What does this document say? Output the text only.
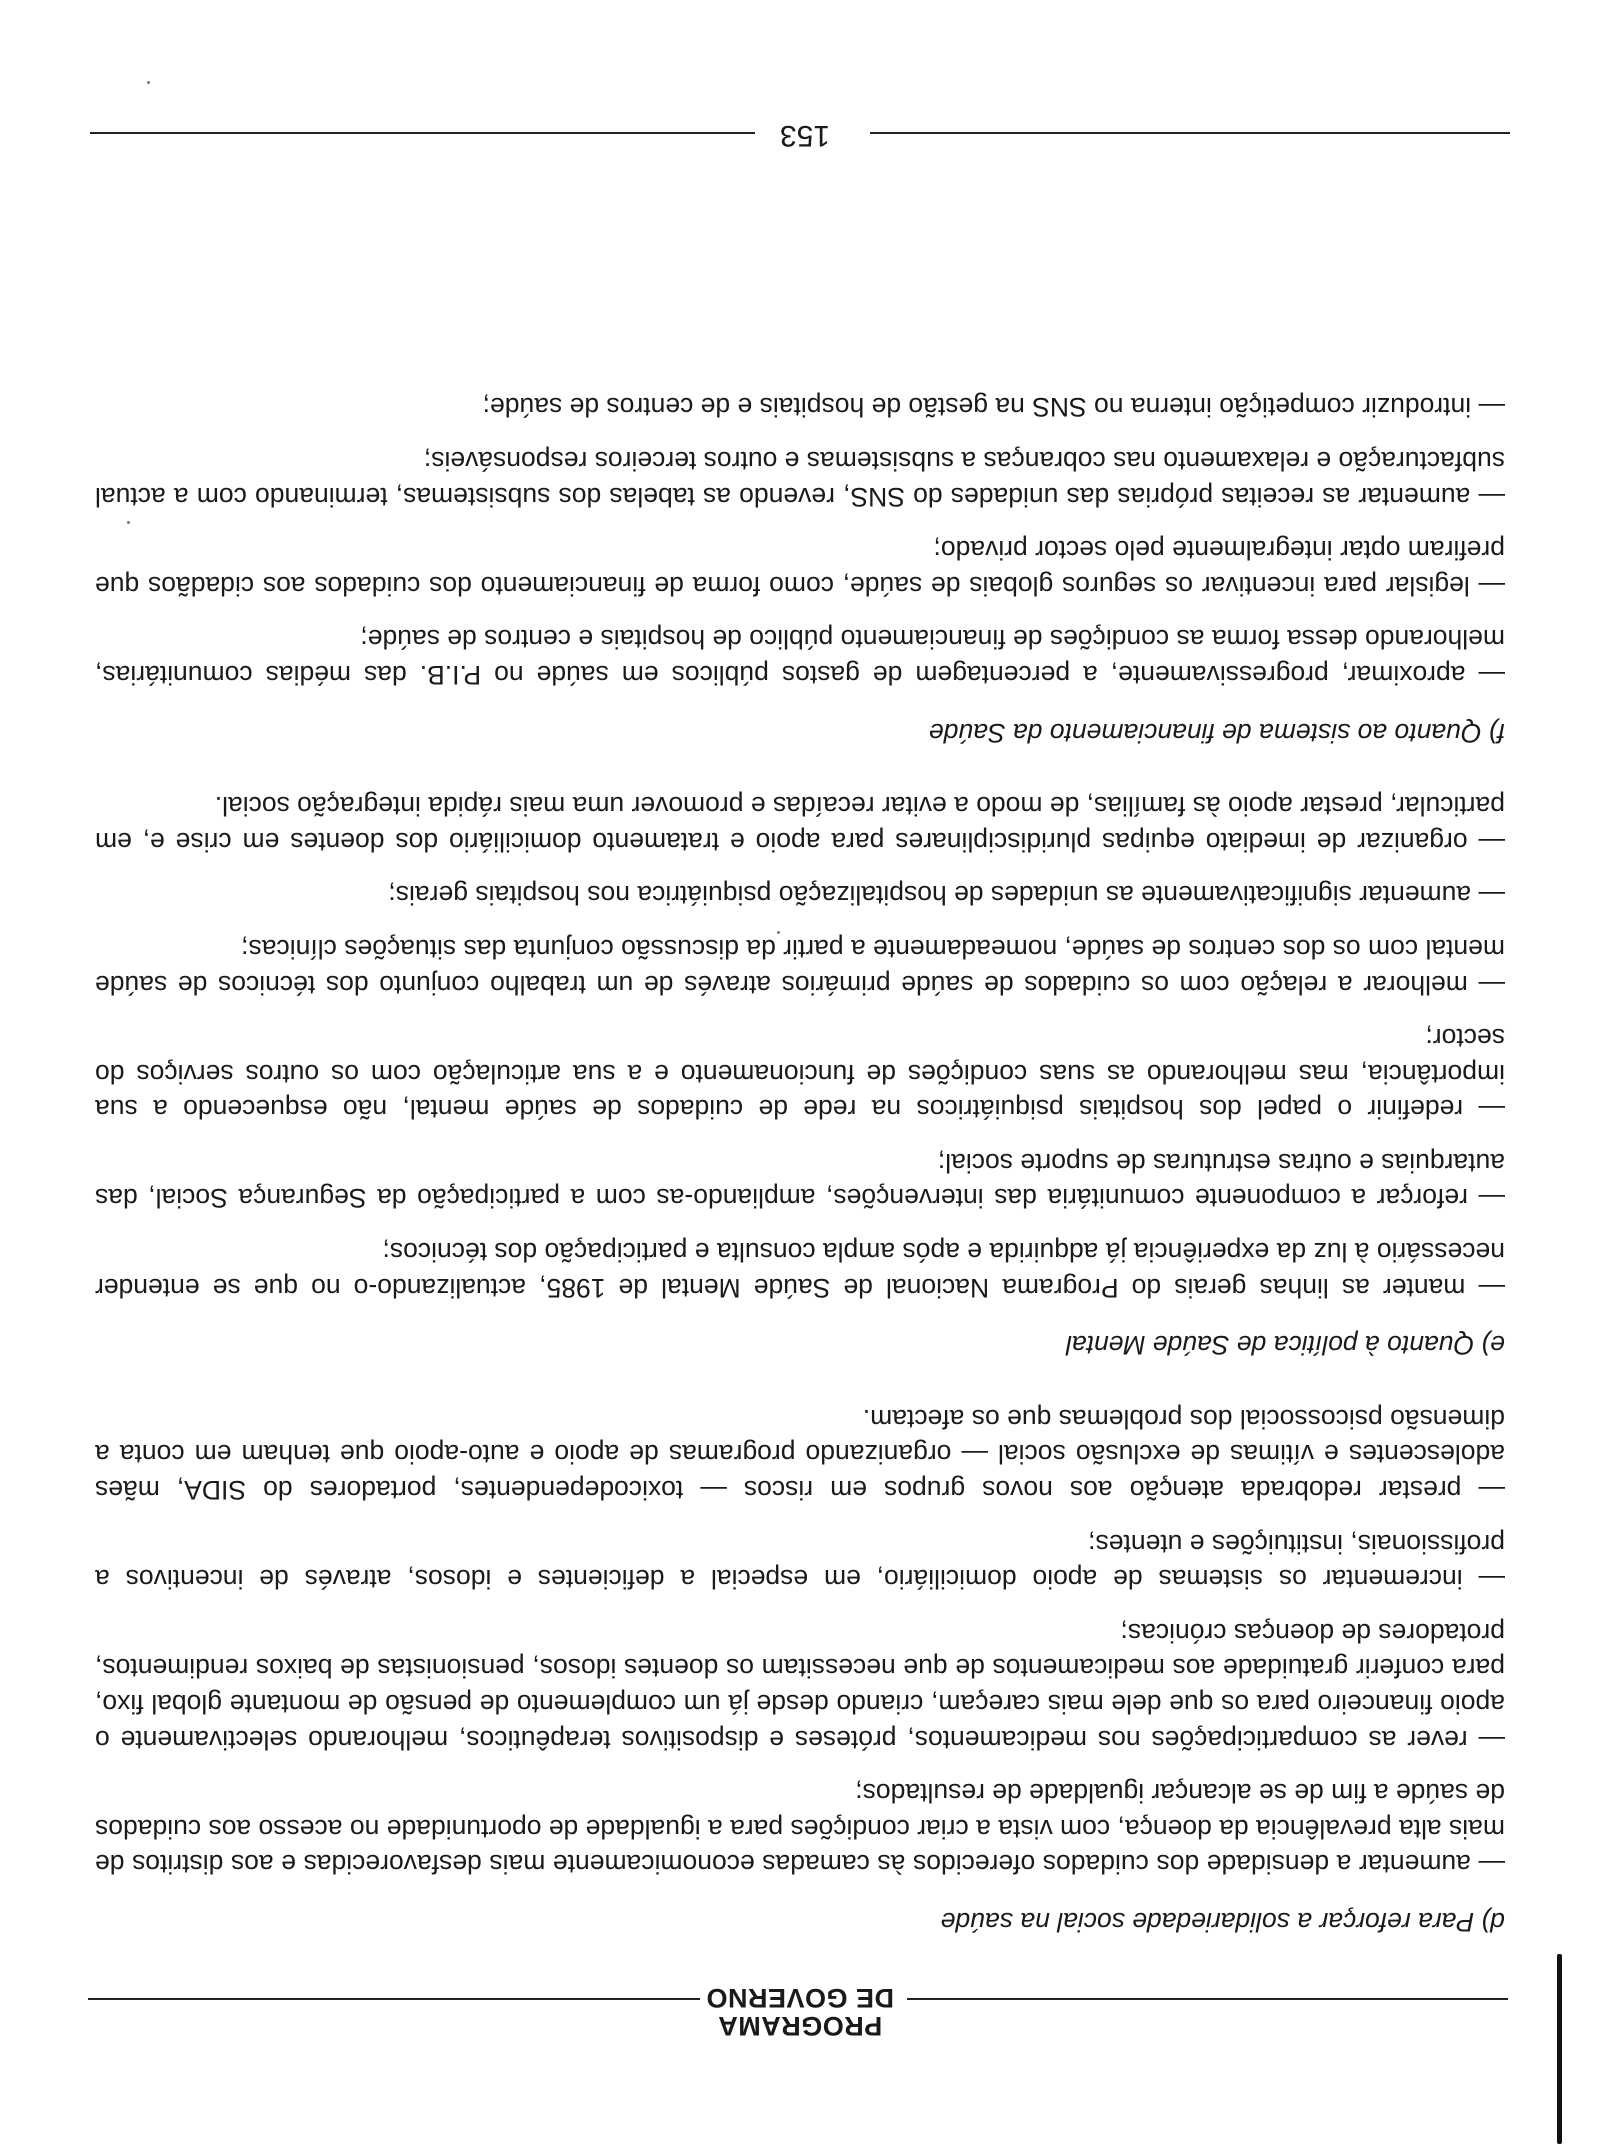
PROGRAMA
DE GOVERNO

d) Para reforçar a solidariedade social na saúde

— aumentar a densidade dos cuidados oferecidos às camadas economicamente mais desfavorecidas e aos distritos de mais alta prevalência da doença, com vista a criar condições para a igualdade de oportunidade no acesso aos cuidados de saúde a fim de se alcançar igualdade de resultados;

— rever as comparticipações nos medicamentos, próteses e dispositivos terapêuticos, melhorando selectivamente o apoio financeiro para os que dele mais careçam, criando desde já um complemento de pensão de montante global fixo, para conferir gratuidade aos medicamentos de que necessitam os doentes idosos, pensionistas de baixos rendimentos, protadores de doenças crónicas;

— incrementar os sistemas de apoio domiciliário, em especial a deficientes e idosos, através de incentivos a profissionais, instituições e utentes;

— prestar redobrada atenção aos novos grupos em riscos — toxicodependentes, portadores do SIDA, mães adolescentes e vítimas de exclusão social — organizando programas de apoio e auto-apoio que tenham em conta a dimensão psicossocial dos problemas que os afectam.

e) Quanto à política de Saúde Mental

— manter as linhas gerais do Programa Nacional de Saúde Mental de 1985, actualizando-o no que se entender necessário à luz da experiência já adquirida e após ampla consulta e participação dos técnicos;

— reforçar a componente comunitária das intervenções, ampliando-as com a participação da Segurança Social, das autarquias e outras estruturas de suporte social;

— redefinir o papel dos hospitais psiquiátricos na rede de cuidados de saúde mental, não esquecendo a sua importância, mas melhorando as suas condições de funcionamento e a sua articulação com os outros serviços do sector;

— melhorar a relação com os cuidados de saúde primários através de um trabalho conjunto dos técnicos de saúde mental com os dos centros de saúde, nomeadamente a partir da discussão conjunta das situações clínicas;

— aumentar significativamente as unidades de hospitalização psiquiátrica nos hospitais gerais;

— organizar de imediato equipas pluridisciplinares para apoio e tratamento domiciliário dos doentes em crise e, em particular, prestar apoio às famílias, de modo a evitar recaídas e promover uma mais rápida integração social.

f) Quanto ao sistema de financiamento da Saúde

— aproximar, progressivamente, a percentagem de gastos públicos em saúde no P.I.B. das médias comunitárias, melhorando dessa forma as condições de financiamento público de hospitais e centros de saúde;

— legislar para incentivar os seguros globais de saúde, como forma de financiamento dos cuidados aos cidadãos que prefiram optar integralmente pelo sector privado;

— aumentar as receitas próprias das unidades do SNS, revendo as tabelas dos subsistemas, terminando com a actual subfacturação e relaxamento nas cobranças a subsistemas e outros terceiros responsáveis;

— introduzir competição interna no SNS na gestão de hospitais e de centros de saúde;

153
